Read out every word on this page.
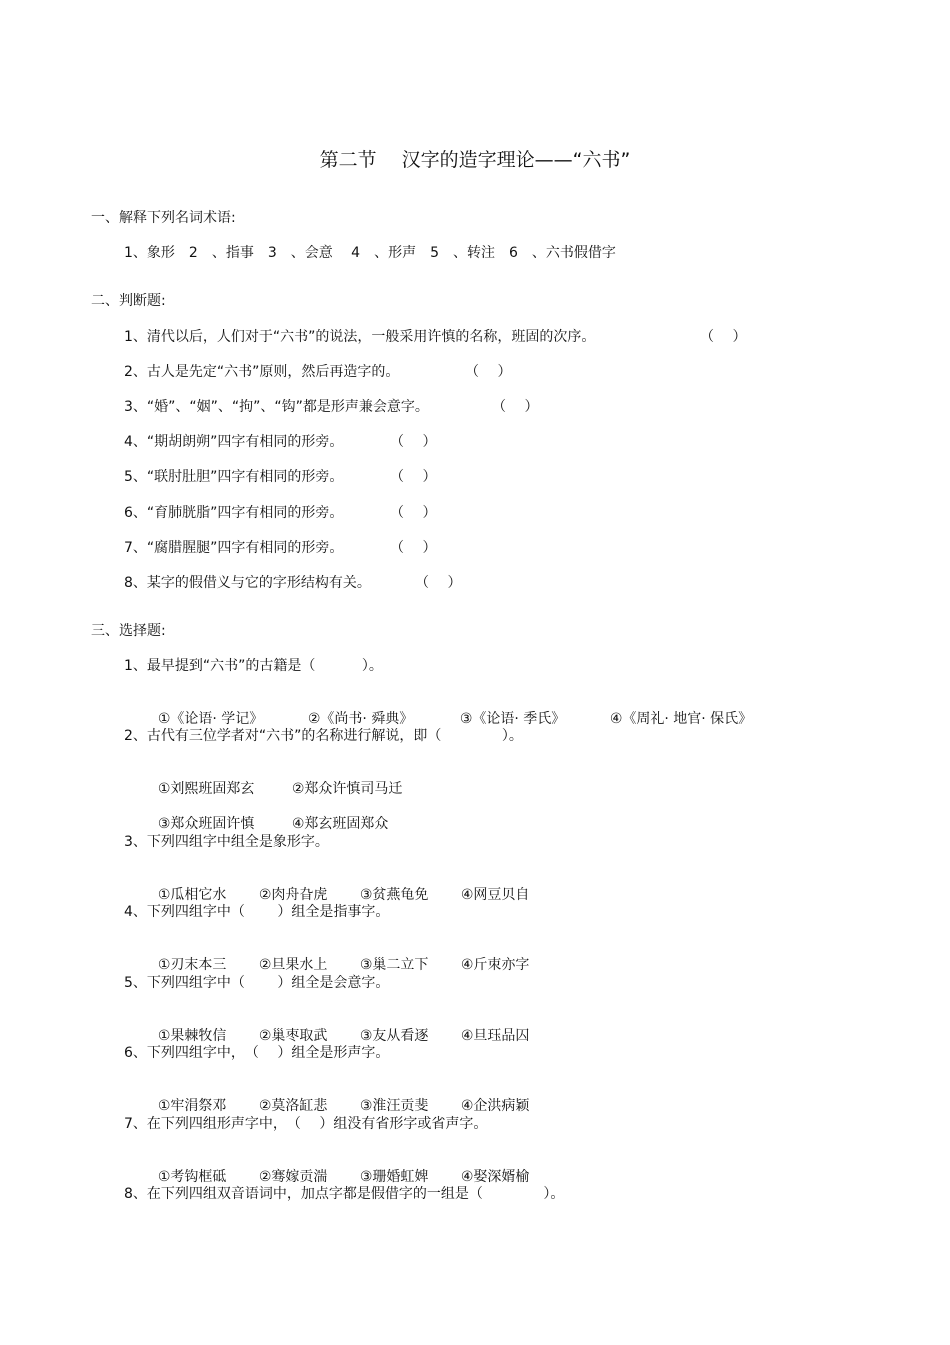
第二节　 汉字的造字理论——“六书”
一、解释下列名词术语:
1、象形　2　、指事　3　、会意　 4　、形声　5　、转注　6　、六书假借字
二、判断题:
1、清代以后，人们对于“六书”的说法，一般采用许慎的名称，班固的次序。	（　 ）
2、古人是先定“六书”原则，然后再造字的。	（　 ）
3、“婚”、“姻”、“拘”、“钩”都是形声兼会意字。	（　 ）
4、“期胡朗朔”四字有相同的形旁。	（　 ）
5、“联肘肚胆”四字有相同的形旁。	（　 ）
6、“育肺胱脂”四字有相同的形旁。	（　 ）
7、“腐腊腥腿”四字有相同的形旁。	（　 ）
8、某字的假借义与它的字形结构有关。	（　 ）
三、选择题:
1、最早提到“六书”的古籍是（　　　 ）。

①《论语· 学记》	②《尚书· 舜典》	③《论语· 季氏》	④《周礼· 地官· 保氏》

2、古代有三位学者对“六书”的名称进行解说，即（　　　　 ）。

①刘熙班固郑玄	②郑众许慎司马迁

③郑众班固许慎	④郑玄班固郑众

3、下列四组字中组全是象形字。

①瓜相它水 ②肉舟旮虎 ③贫燕龟免 ④网豆贝自

4、下列四组字中（　　 ）组全是指事字。

①刃末本三 ②旦果水上 ③巢二立下 ④斤朿亦字

5、下列四组字中（　　 ）组全是会意字。

①果棘牧信 ②巢枣取武 ③友从看逐 ④旦珏品囚

6、下列四组字中，　（　 ）组全是形声字。

①牢涓祭邓 ②莫洛缸悲 ③淮汪贡斐 ④企洪病颖

7、在下列四组形声字中，　（　 ）组没有省形字或省声字。

①考钩框砥 ②骞嫁贡湍 ③珊婚虹婢 ④娶深婿榆

8、在下列四组双音语词中，加点字都是假借字的一组是（　　　　 ）。
